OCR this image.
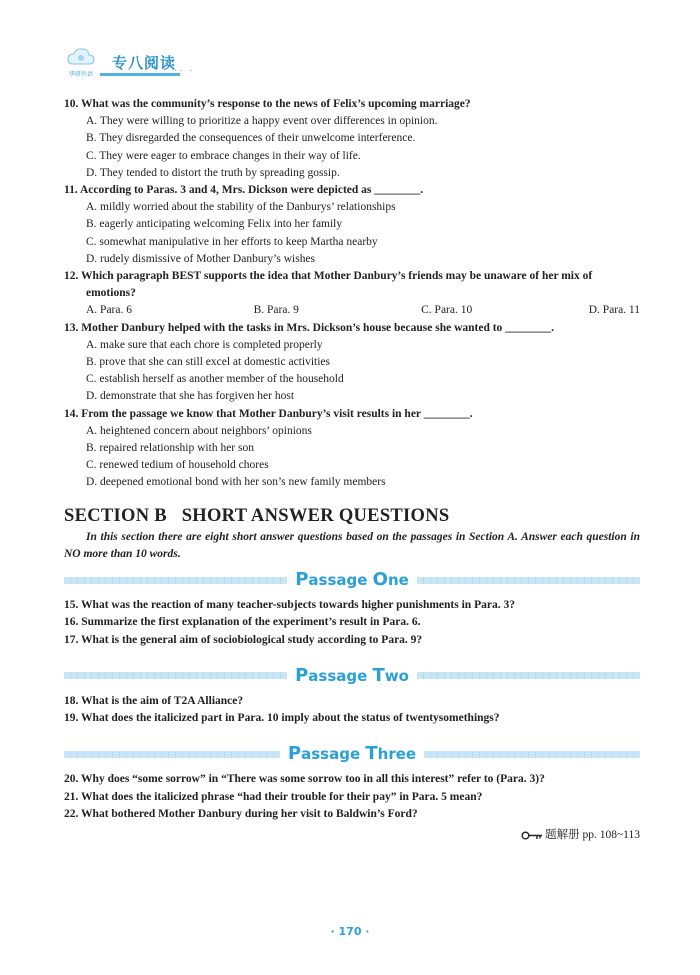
华研外语
专八阅读
·· ·

10. What was the community’s response to the news of Felix’s upcoming marriage?

A. They were willing to prioritize a happy event over differences in opinion.

B. They disregarded the consequences of their unwelcome interference.

C. They were eager to embrace changes in their way of life.

D. They tended to distort the truth by spreading gossip.

11. According to Paras. 3 and 4, Mrs. Dickson were depicted as ________.

A. mildly worried about the stability of the Danburys’ relationships

B. eagerly anticipating welcoming Felix into her family

C. somewhat manipulative in her efforts to keep Martha nearby

D. rudely dismissive of Mother Danbury’s wishes

12. Which paragraph BEST supports the idea that Mother Danbury’s friends may be unaware of her mix of emotions?

A. Para. 6	B. Para. 9	C. Para. 10	D. Para. 11

13. Mother Danbury helped with the tasks in Mrs. Dickson’s house because she wanted to ________.

A. make sure that each chore is completed properly

B. prove that she can still excel at domestic activities

C. establish herself as another member of the household

D. demonstrate that she has forgiven her host

14. From the passage we know that Mother Danbury’s visit results in her ________.

A. heightened concern about neighbors’ opinions

B. repaired relationship with her son

C. renewed tedium of household chores

D. deepened emotional bond with her son’s new family members

SECTION B   SHORT ANSWER QUESTIONS

In this section there are eight short answer questions based on the passages in Section A. Answer each question in NO more than 10 words.

Passage One

15. What was the reaction of many teacher-subjects towards higher punishments in Para. 3?

16. Summarize the first explanation of the experiment’s result in Para. 6.

17. What is the general aim of sociobiological study according to Para. 9?

Passage Two

18. What is the aim of T2A Alliance?

19. What does the italicized part in Para. 10 imply about the status of twentysomethings?

Passage Three

20. Why does “some sorrow” in “There was some sorrow too in all this interest” refer to (Para. 3)?

21. What does the italicized phrase “had their trouble for their pay” in Para. 5 mean?

22. What bothered Mother Danbury during her visit to Baldwin’s Ford?

题解册 pp. 108~113
· 170 ·
